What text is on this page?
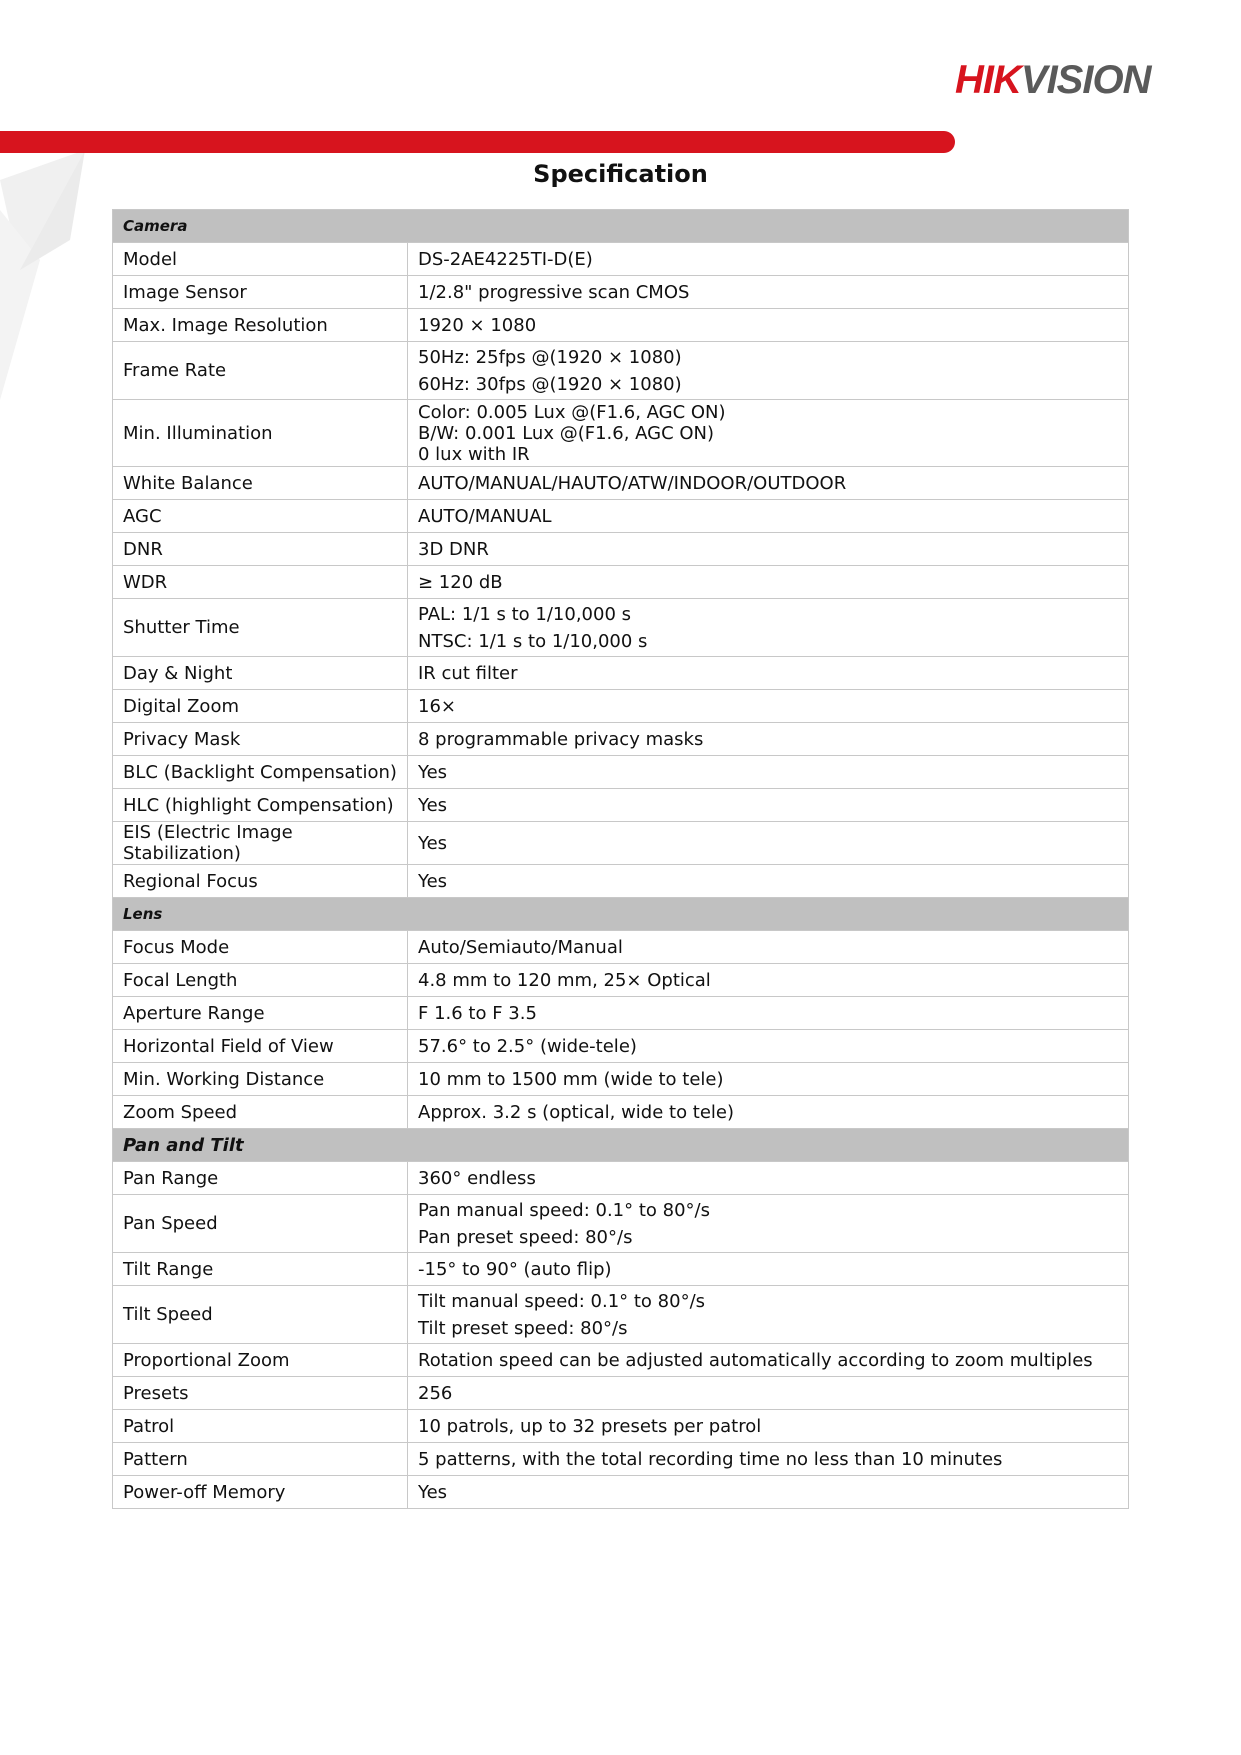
HIKVISION
Specification
Camera	
Model	DS-2AE4225TI-D(E)

Image Sensor	1/2.8" progressive scan CMOS

Max. Image Resolution	1920 × 1080

Frame Rate	50Hz: 25fps @(1920 × 1080)
60Hz: 30fps @(1920 × 1080)

Min. Illumination	Color: 0.005 Lux @(F1.6, AGC ON)
B/W: 0.001 Lux @(F1.6, AGC ON)
0 lux with IR

White Balance	AUTO/MANUAL/HAUTO/ATW/INDOOR/OUTDOOR

AGC	AUTO/MANUAL

DNR	3D DNR

WDR	≥ 120 dB

Shutter Time	PAL: 1/1 s to 1/10,000 s
NTSC: 1/1 s to 1/10,000 s

Day & Night	IR cut filter

Digital Zoom	16×

Privacy Mask	8 programmable privacy masks

BLC (Backlight Compensation)	Yes

HLC (highlight Compensation)	Yes

EIS (Electric Image Stabilization)	Yes

Regional Focus	Yes

Lens	
Focus Mode	Auto/Semiauto/Manual

Focal Length	4.8 mm to 120 mm, 25× Optical

Aperture Range	F 1.6 to F 3.5

Horizontal Field of View	57.6° to 2.5° (wide-tele)

Min. Working Distance	10 mm to 1500 mm (wide to tele)

Zoom Speed	Approx. 3.2 s (optical, wide to tele)

Pan and Tilt	
Pan Range	360° endless

Pan Speed	Pan manual speed: 0.1° to 80°/s
Pan preset speed: 80°/s

Tilt Range	-15° to 90° (auto flip)

Tilt Speed	Tilt manual speed: 0.1° to 80°/s
Tilt preset speed: 80°/s

Proportional Zoom	Rotation speed can be adjusted automatically according to zoom multiples

Presets	256

Patrol	10 patrols, up to 32 presets per patrol

Pattern	5 patterns, with the total recording time no less than 10 minutes

Power-off Memory	Yes
